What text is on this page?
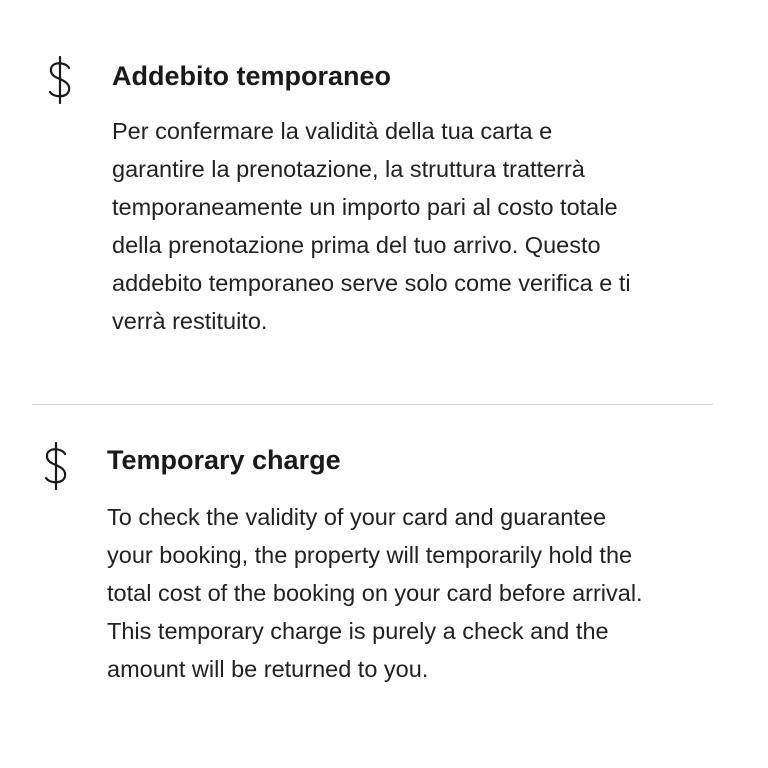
Addebito temporaneo
Per confermare la validità della tua carta e
garantire la prenotazione, la struttura tratterrà
temporaneamente un importo pari al costo totale
della prenotazione prima del tuo arrivo. Questo
addebito temporaneo serve solo come verifica e ti
verrà restituito.
Temporary charge
To check the validity of your card and guarantee
your booking, the property will temporarily hold the
total cost of the booking on your card before arrival.
This temporary charge is purely a check and the
amount will be returned to you.
